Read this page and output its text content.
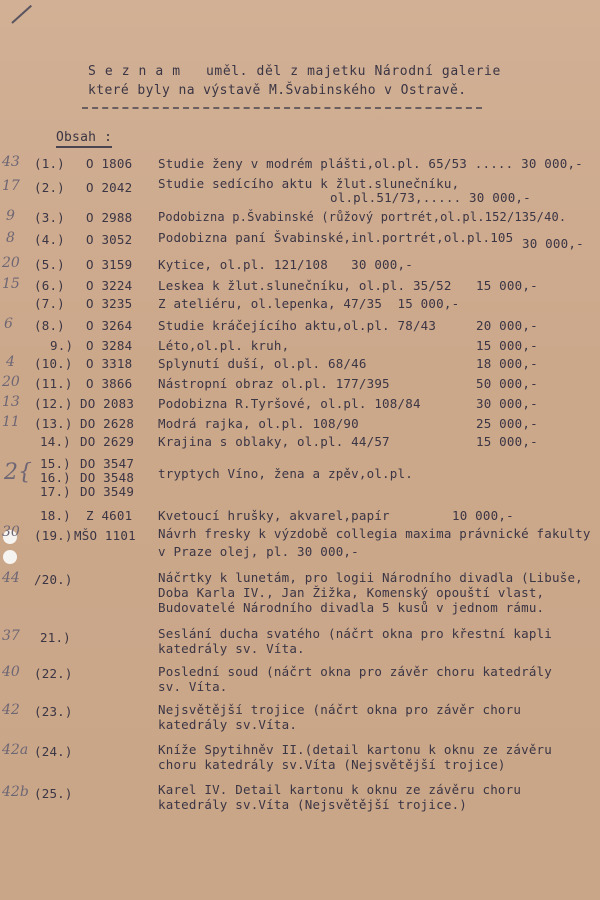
S e z n a m   uměl. děl z majetku Národní galerie
které byly na výstavě M.Švabinského v Ostravě.
Obsah :
43 (1.) O 1806 Studie ženy v modrém plášti,ol.pl. 65/53 ..... 30 000,-
17 (2.) O 2042 Studie sedícího aktu k žlut.slunečníku,
ol.pl.51/73,..... 30 000,-
9 (3.) O 2988 Podobizna p.Švabinské (růžový portrét,ol.pl.152/135/40.
8 (4.) O 3052 Podobizna paní Švabinské,inl.portrét,ol.pl.105 30 000,-
20 (5.) O 3159 Kytice, ol.pl. 121/108   30 000,-
15 (6.) O 3224 Leskea k žlut.slunečníku, ol.pl. 35/52 15 000,-
(7.) O 3235 Z ateliéru, ol.lepenka, 47/35  15 000,-
6 (8.) O 3264 Studie kráčejícího aktu,ol.pl. 78/43	20 000,-
9.) O 3284 Léto,ol.pl. kruh,	15 000,-
4 (10.) O 3318 Splynutí duší, ol.pl. 68/46	18 000,-
20 (11.) O 3866 Nástropní obraz ol.pl. 177/395	50 000,-
13 (12.) DO 2083 Podobizna R.Tyršové, ol.pl. 108/84	30 000,-
11 (13.) DO 2628 Modrá rajka, ol.pl. 108/90	25 000,-
14.) DO 2629 Krajina s oblaky, ol.pl. 44/57	15 000,-
2{ 15.) DO 3547
16.) DO 3548 tryptych Víno, žena a zpěv,ol.pl.
17.) DO 3549
18.) Z 4601 Kvetoucí hrušky, akvarel,papír	10 000,-
30 (19.) MŠO 1101 Návrh fresky k výzdobě collegia maxima právnické fakulty
v Praze olej, pl. 30 000,-
44 /20.)	Náčrtky k lunetám, pro logii Národního divadla (Libuše,
Doba Karla IV., Jan Žižka, Komenský opouští vlast,
Budovatelé Národního divadla 5 kusů v jednom rámu.
37 21.)	Seslání ducha svatého (náčrt okna pro křestní kapli
katedrály sv. Víta.
40 (22.)	Poslední soud (náčrt okna pro závěr choru katedrály
sv. Víta.
42 (23.)	Nejsvětější trojice (náčrt okna pro závěr choru
katedrály sv.Víta.
42a (24.)	Kníže Spytihněv II.(detail kartonu k oknu ze závěru
choru katedrály sv.Víta (Nejsvětější trojice)
42b (25.)	Karel IV. Detail kartonu k oknu ze závěru choru
katedrály sv.Víta (Nejsvětější trojice.)
